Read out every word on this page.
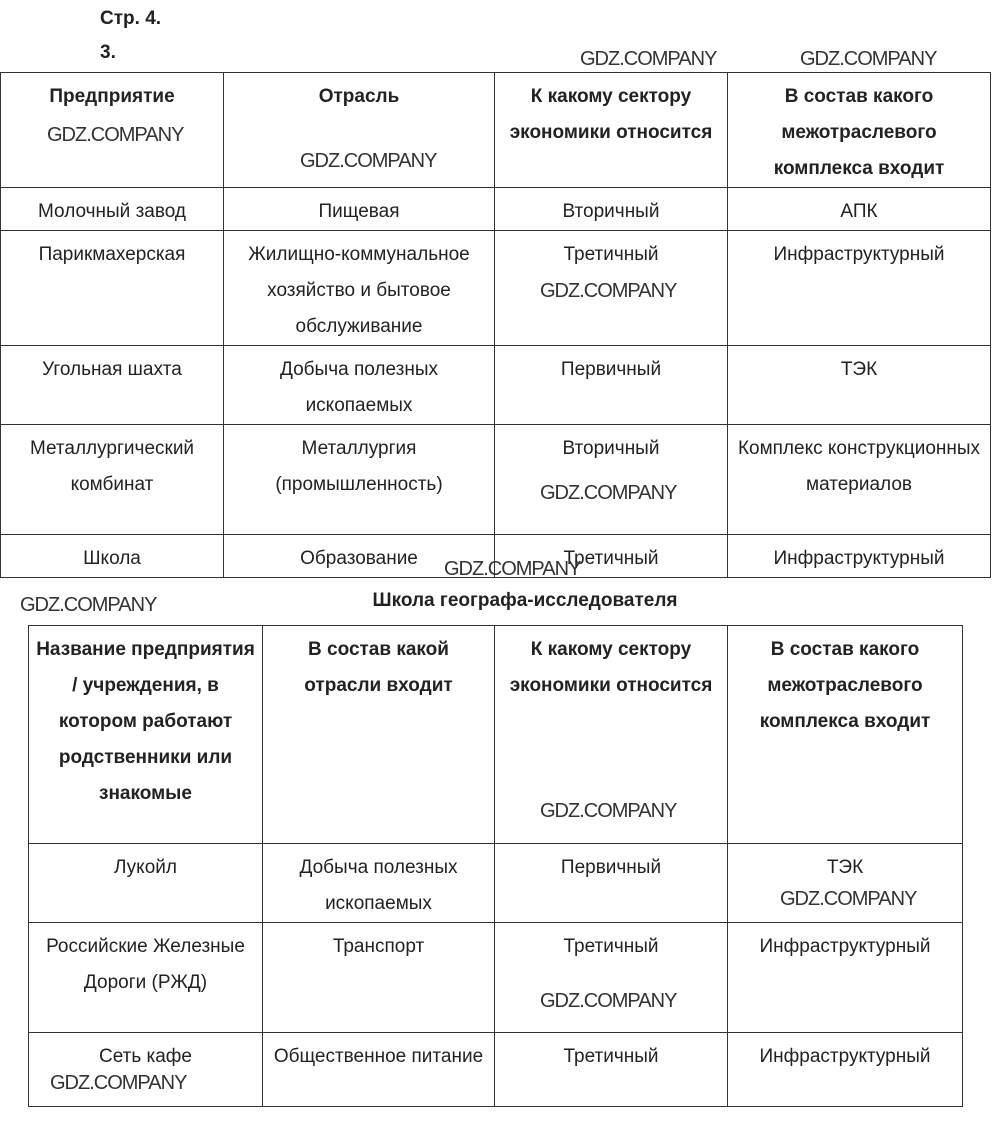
Стр. 4.
3.
Предприятие	Отрасль	К какому сектору экономики относится	В состав какого межотраслевого комплекса входит
Молочный завод	Пищевая	Вторичный	АПК
Парикмахерская	Жилищно-коммунальное хозяйство и бытовое обслуживание	Третичный	Инфраструктурный
Угольная шахта	Добыча полезных ископаемых	Первичный	ТЭК
Металлургический комбинат	Металлургия (промышленность)	Вторичный	Комплекс конструкционных материалов
Школа	Образование	Третичный	Инфраструктурный
Школа географа-исследователя
Название предприятия / учреждения, в котором работают родственники или знакомые	В состав какой отрасли входит	К какому сектору экономики относится	В состав какого межотраслевого комплекса входит
Лукойл	Добыча полезных ископаемых	Первичный	ТЭК
Российские Железные Дороги (РЖД)	Транспорт	Третичный	Инфраструктурный
Сеть кафе	Общественное питание	Третичный	Инфраструктурный
GDZ.COMPANY	GDZ.COMPANY
GDZ.COMPANY
GDZ.COMPANY
GDZ.COMPANY
GDZ.COMPANY
GDZ.COMPANY
GDZ.COMPANY
GDZ.COMPANY
GDZ.COMPANY
GDZ.COMPANY
GDZ.COMPANY
